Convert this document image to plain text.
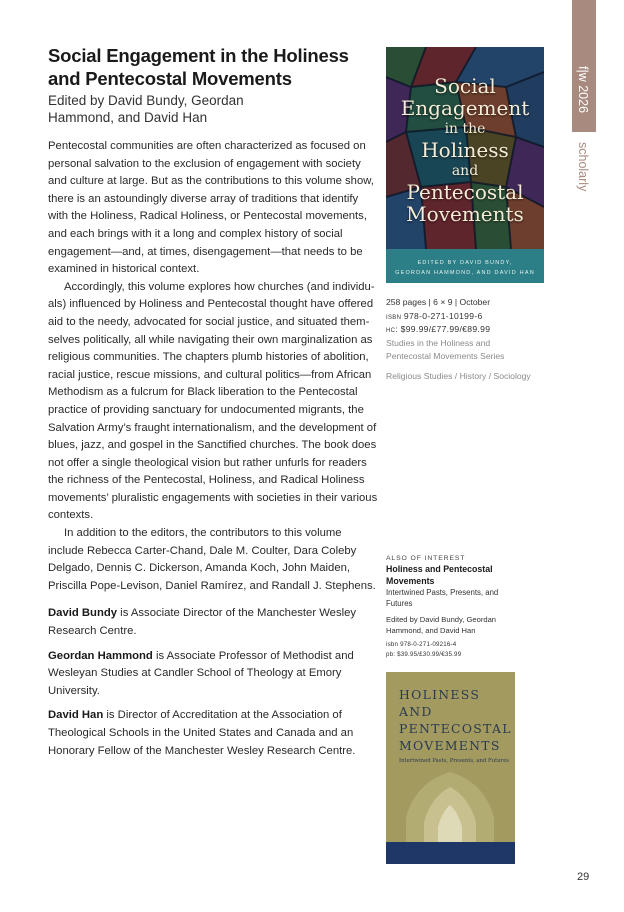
f|w 2026
scholarly
Social Engagement in the Holiness
and Pentecostal Movements
Edited by David Bundy, Geordan
Hammond, and David Han

Pentecostal communities are often characterized as focused on personal salvation to the exclusion of engagement with society and culture at large. But as the contributions to this volume show, there is an astoundingly diverse array of traditions that identify with the Holiness, Radical Holiness, or Pentecostal movements, and each brings with it a long and complex history of social engagement—and, at times, disengagement—that needs to be examined in historical context.

Accordingly, this volume explores how churches (and individuals) influenced by Holiness and Pentecostal thought have offered aid to the needy, advocated for social justice, and situated themselves politically, all while navigating their own marginalization as religious communities. The chapters plumb histories of abolition, racial justice, rescue missions, and cultural politics—from African Methodism as a fulcrum for Black liberation to the Pentecostal practice of providing sanctuary for undocumented migrants, the Salvation Army’s fraught internationalism, and the development of blues, jazz, and gospel in the Sanctified churches. The book does not offer a single theological vision but rather unfurls for readers the richness of the Pentecostal, Holiness, and Radical Holiness movements’ pluralistic engagements with societies in their various contexts.

In addition to the editors, the contributors to this volume include Rebecca Carter-Chand, Dale M. Coulter, Dara Coleby Delgado, Dennis C. Dickerson, Amanda Koch, John Maiden, Priscilla Pope-Levison, Daniel Ramírez, and Randall J. Stephens.

David Bundy is Associate Director of the Manchester Wesley Research Centre.

Geordan Hammond is Associate Professor of Methodist and Wesleyan Studies at Candler School of Theology at Emory University.

David Han is Director of Accreditation at the Association of Theological Schools in the United States and Canada and an Honorary Fellow of the Manchester Wesley Research Centre.

Social
Engagement
in the
Holiness
and
Pentecostal
Movements
EDITED BY DAVID BUNDY,
GEORDAN HAMMOND, AND DAVID HAN
258 pages | 6 × 9 | October
isbn 978-0-271-10199-6
hc: $99.99/£77.99/€89.99
Studies in the Holiness and
Pentecostal Movements Series
Religious Studies / History / Sociology
ALSO OF INTEREST
Holiness and Pentecostal
Movements
Intertwined Pasts, Presents, and
Futures
Edited by David Bundy, Geordan
Hammond, and David Han
isbn 978-0-271-09216-4
pb: $39.95/£30.99/€35.99
HOLINESS
AND
PENTECOSTAL
MOVEMENTS
Intertwined Pasts, Presents, and Futures
29
